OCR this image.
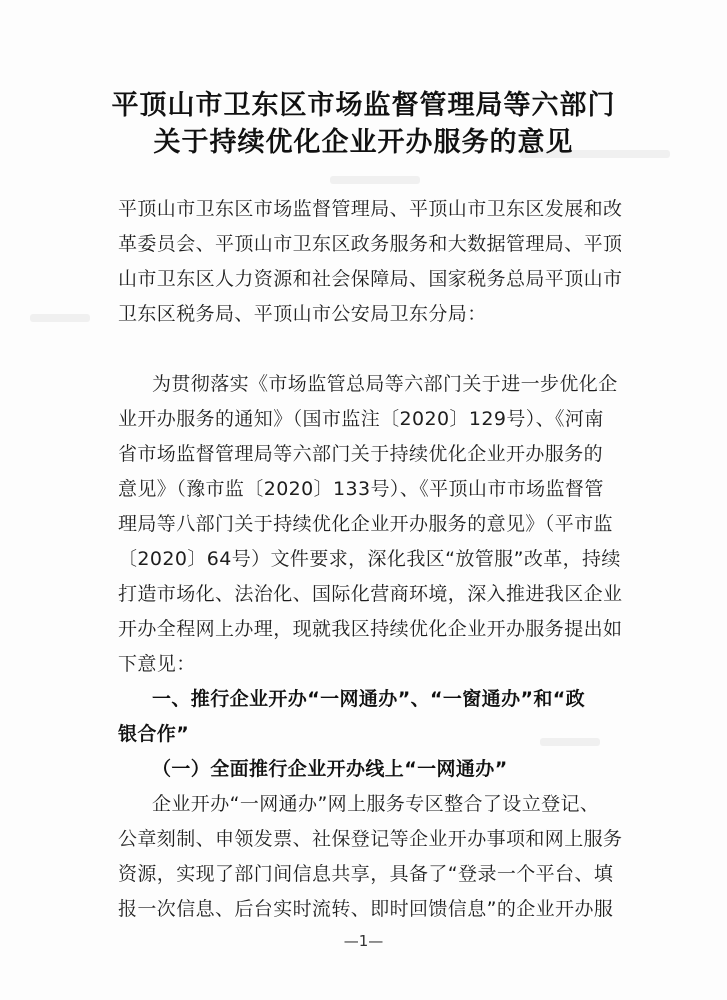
平顶山市卫东区市场监督管理局等六部门
关于持续优化企业开办服务的意见
平顶山市卫东区市场监督管理局、平顶山市卫东区发展和改
革委员会、平顶山市卫东区政务服务和大数据管理局、平顶
山市卫东区人力资源和社会保障局、国家税务总局平顶山市
卫东区税务局、平顶山市公安局卫东分局：
为贯彻落实《市场监管总局等六部门关于进一步优化企
业开办服务的通知》（国市监注〔2020〕129号）、《河南
省市场监督管理局等六部门关于持续优化企业开办服务的
意见》（豫市监〔2020〕133号）、《平顶山市市场监督管
理局等八部门关于持续优化企业开办服务的意见》（平市监
〔2020〕64号）文件要求，深化我区“放管服”改革，持续
打造市场化、法治化、国际化营商环境，深入推进我区企业
开办全程网上办理，现就我区持续优化企业开办服务提出如
下意见：
一、推行企业开办“一网通办”、“一窗通办”和“政
银合作”
（一）全面推行企业开办线上“一网通办”
企业开办“一网通办”网上服务专区整合了设立登记、
公章刻制、申领发票、社保登记等企业开办事项和网上服务
资源，实现了部门间信息共享，具备了“登录一个平台、填
报一次信息、后台实时流转、即时回馈信息”的企业开办服
—1—
